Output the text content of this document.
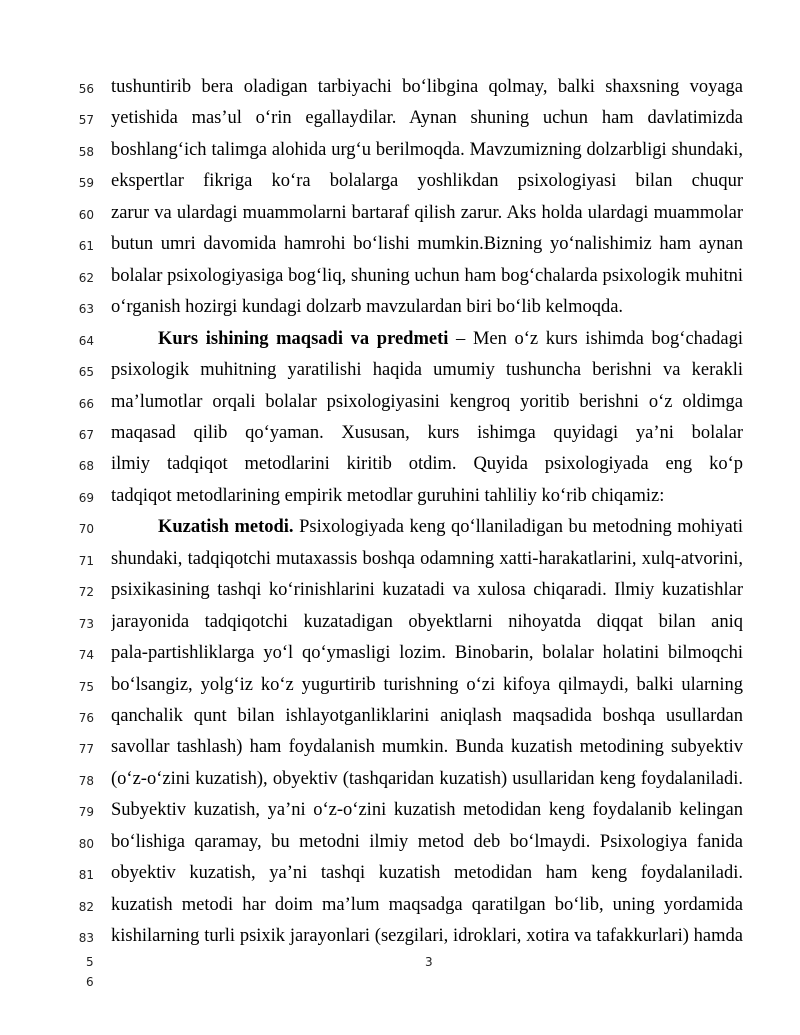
56 tushuntirib bera oladigan tarbiyachi bo‘libgina qolmay, balki shaxsning voyaga
57 yetishida mas’ul o‘rin egallaydilar. Aynan shuning uchun ham davlatimizda
58 boshlang‘ich talimga alohida urg‘u berilmoqda. Mavzumizning dolzarbligi shundaki,
59 ekspertlar fikriga ko‘ra bolalarga yoshlikdan psixologiyasi bilan chuqur
60 zarur va ulardagi muammolarni bartaraf qilish zarur. Aks holda ulardagi muammolar
61 butun umri davomida hamrohi bo‘lishi mumkin.Bizning yo‘nalishimiz ham aynan
62 bolalar psixologiyasiga bog‘liq, shuning uchun ham bog‘chalarda psixologik muhitni
63 o‘rganish hozirgi kundagi dolzarb mavzulardan biri bo‘lib kelmoqda.
64	Kurs ishining maqsadi va predmeti – Men o‘z kurs ishimda bog‘chadagi
65 psixologik muhitning yaratilishi haqida umumiy tushuncha berishni va kerakli
66 ma’lumotlar orqali bolalar psixologiyasini kengroq yoritib berishni o‘z oldimga
67 maqasad qilib qo‘yaman. Xususan, kurs ishimga quyidagi ya’ni bolalar
68 ilmiy tadqiqot metodlarini kiritib otdim. Quyida psixologiyada eng ko‘p
69 tadqiqot metodlarining empirik metodlar guruhini tahliliy ko‘rib chiqamiz:
70	Kuzatish metodi. Psixologiyada keng qo‘llaniladigan bu metodning mohiyati
71 shundaki, tadqiqotchi mutaxassis boshqa odamning xatti-harakatlarini, xulq-atvorini,
72 psixikasining tashqi ko‘rinishlarini kuzatadi va xulosa chiqaradi. Ilmiy kuzatishlar
73 jarayonida tadqiqotchi kuzatadigan obyektlarni nihoyatda diqqat bilan aniq
74 pala-partishliklarga yo‘l qo‘ymasligi lozim. Binobarin, bolalar holatini bilmoqchi
75 bo‘lsangiz, yolg‘iz ko‘z yugurtirib turishning o‘zi kifoya qilmaydi, balki ularning
76 qanchalik qunt bilan ishlayotganliklarini aniqlash maqsadida boshqa usullardan
77 savollar tashlash) ham foydalanish mumkin. Bunda kuzatish metodining subyektiv
78 (o‘z-o‘zini kuzatish), obyektiv (tashqaridan kuzatish) usullaridan keng foydalaniladi.
79 Subyektiv kuzatish, ya’ni o‘z-o‘zini kuzatish metodidan keng foydalanib kelingan
80 bo‘lishiga qaramay, bu metodni ilmiy metod deb bo‘lmaydi. Psixologiya fanida
81 obyektiv kuzatish, ya’ni tashqi kuzatish metodidan ham keng foydalaniladi.
82 kuzatish metodi har doim ma’lum maqsadga qaratilgan bo‘lib, uning yordamida
83 kishilarning turli psixik jarayonlari (sezgilari, idroklari, xotira va tafakkurlari) hamda
5
6
3
